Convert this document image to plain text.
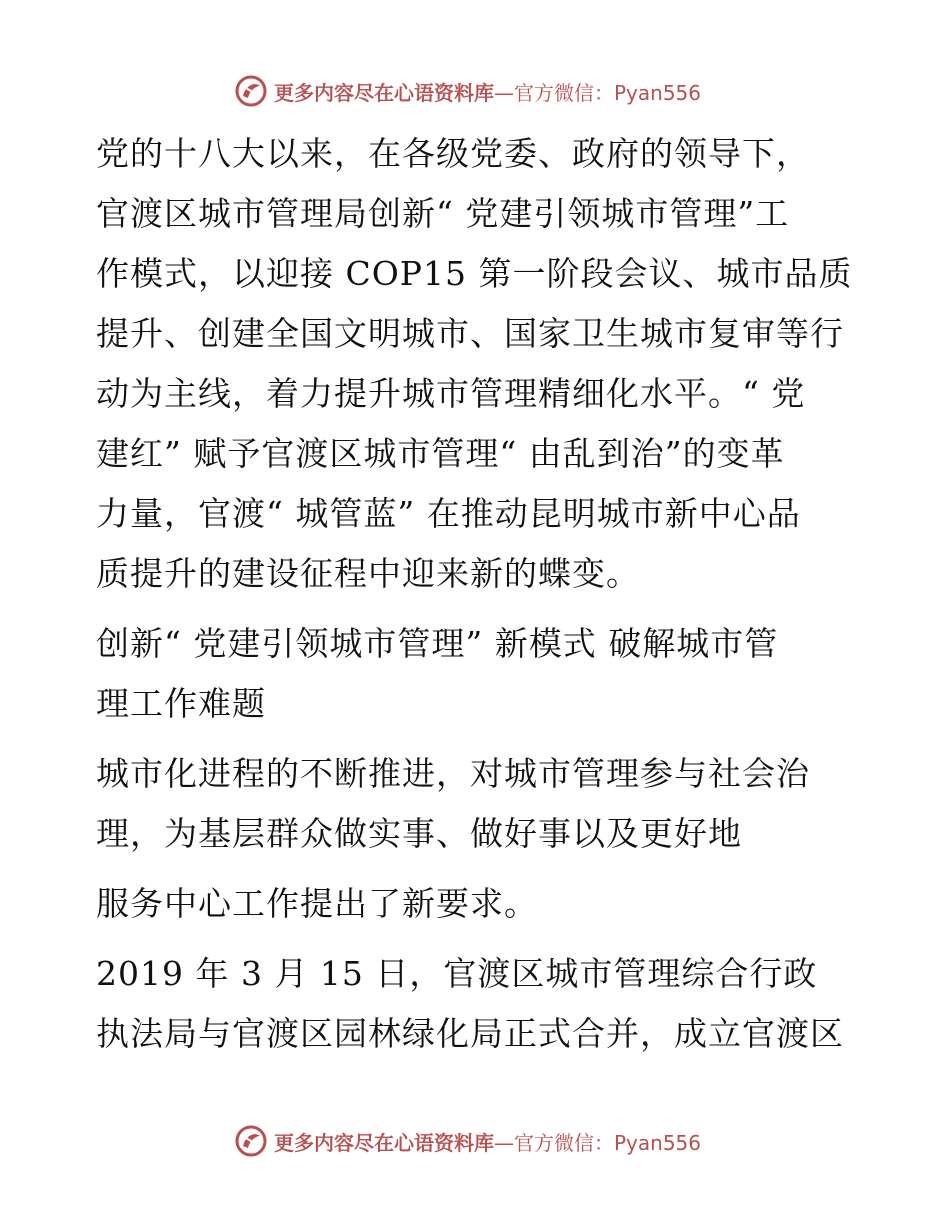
更多内容尽在心语资料库 —官方微信：Pyan556
党的十八大以来，在各级党委、政府的领导下，
官渡区城市管理局创新“ 党建引领城市管理”工
作模式，以迎接 COP15 第一阶段会议、城市品质
提升、创建全国文明城市、国家卫生城市复审等行
动为主线，着力提升城市管理精细化水平。“ 党
建红” 赋予官渡区城市管理“ 由乱到治”的变革
力量，官渡“ 城管蓝” 在推动昆明城市新中心品
质提升的建设征程中迎来新的蝶变。
创新“ 党建引领城市管理” 新模式 破解城市管
理工作难题
城市化进程的不断推进，对城市管理参与社会治
理，为基层群众做实事、做好事以及更好地
服务中心工作提出了新要求。
2019 年 3 月 15 日，官渡区城市管理综合行政
执法局与官渡区园林绿化局正式合并，成立官渡区
更多内容尽在心语资料库 —官方微信：Pyan556
